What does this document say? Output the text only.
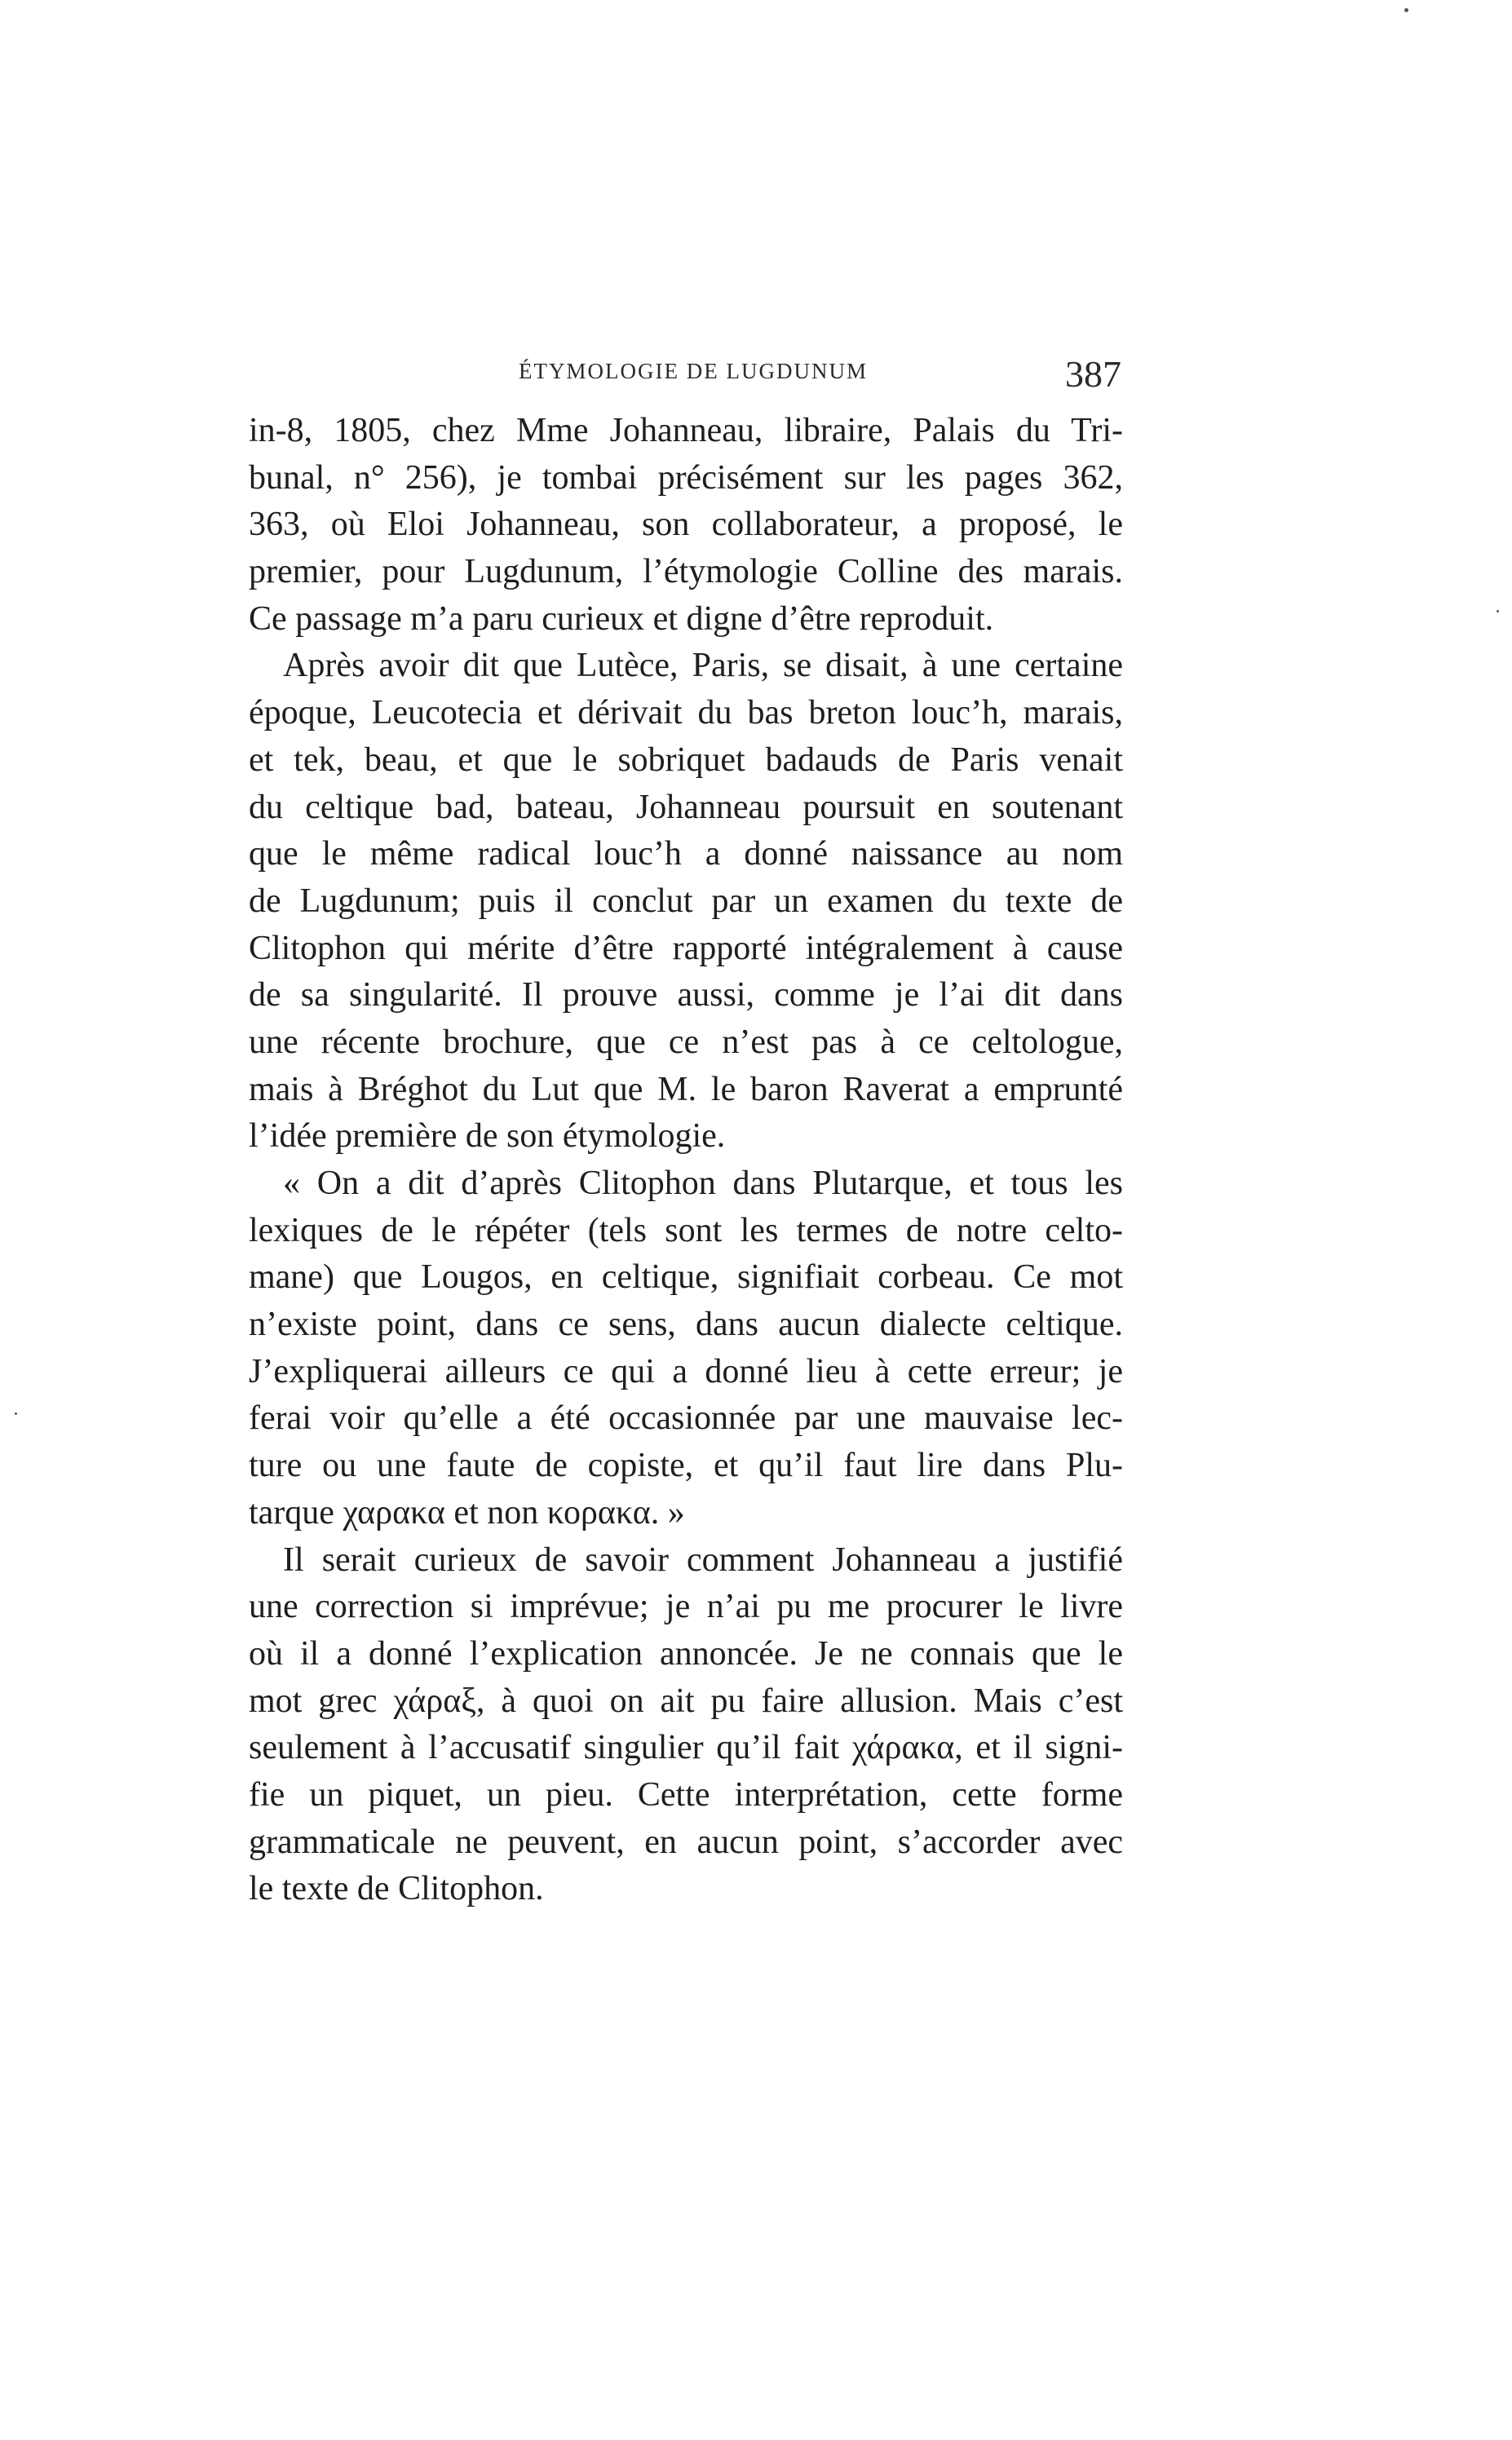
ÉTYMOLOGIE DE LUGDUNUM	387
in-8, 1805, chez Mme Johanneau, libraire, Palais du Tri-
bunal, n° 256), je tombai précisément sur les pages 362,
363, où Eloi Johanneau, son collaborateur, a proposé, le
premier, pour Lugdunum, l’étymologie Colline des marais.
Ce passage m’a paru curieux et digne d’être reproduit.
Après avoir dit que Lutèce, Paris, se disait, à une certaine
époque, Leucotecia et dérivait du bas breton louc’h, marais,
et tek, beau, et que le sobriquet badauds de Paris venait
du celtique bad, bateau, Johanneau poursuit en soutenant
que le même radical louc’h a donné naissance au nom
de Lugdunum; puis il conclut par un examen du texte de
Clitophon qui mérite d’être rapporté intégralement à cause
de sa singularité. Il prouve aussi, comme je l’ai dit dans
une récente brochure, que ce n’est pas à ce celtologue,
mais à Bréghot du Lut que M. le baron Raverat a emprunté
l’idée première de son étymologie.
« On a dit d’après Clitophon dans Plutarque, et tous les
lexiques de le répéter (tels sont les termes de notre celto-
mane) que Lougos, en celtique, signifiait corbeau. Ce mot
n’existe point, dans ce sens, dans aucun dialecte celtique.
J’expliquerai ailleurs ce qui a donné lieu à cette erreur; je
ferai voir qu’elle a été occasionnée par une mauvaise lec-
ture ou une faute de copiste, et qu’il faut lire dans Plu-
tarque χαρακα et non κορακα. »
Il serait curieux de savoir comment Johanneau a justifié
une correction si imprévue; je n’ai pu me procurer le livre
où il a donné l’explication annoncée. Je ne connais que le
mot grec χάραξ, à quoi on ait pu faire allusion. Mais c’est
seulement à l’accusatif singulier qu’il fait χάρακα, et il signi-
fie un piquet, un pieu. Cette interprétation, cette forme
grammaticale ne peuvent, en aucun point, s’accorder avec
le texte de Clitophon.
